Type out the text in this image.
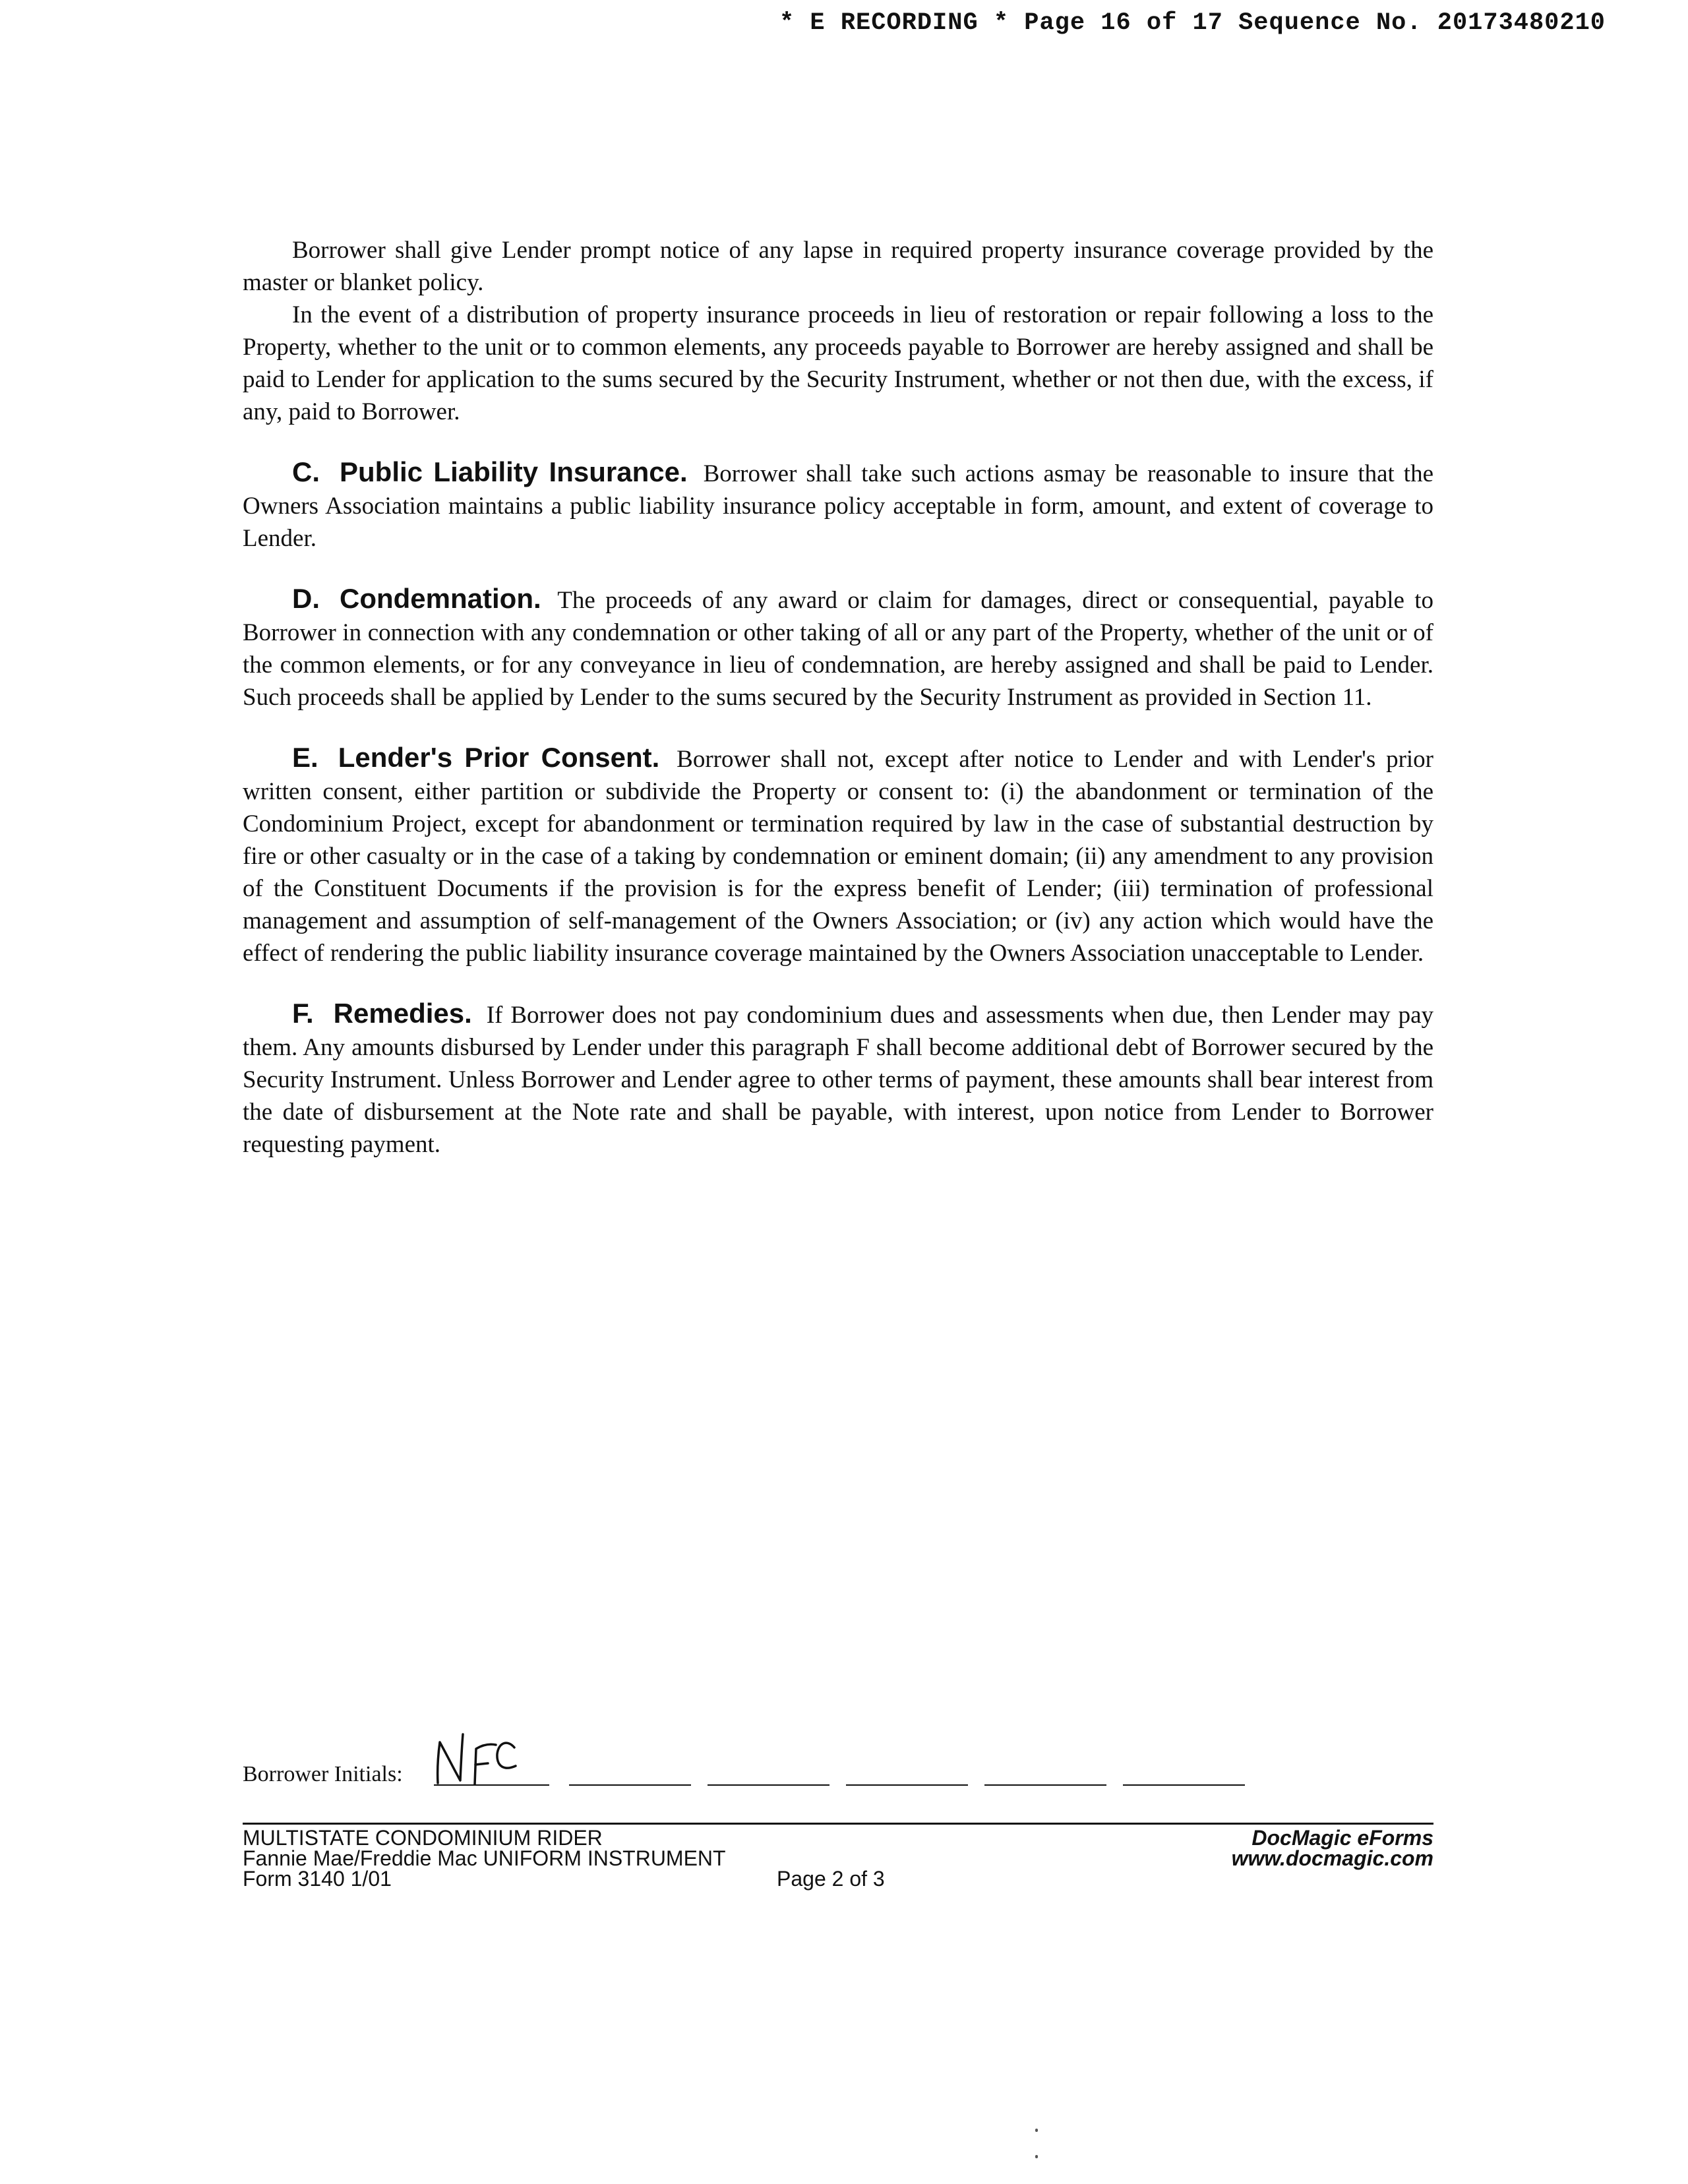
* E RECORDING * Page 16 of 17 Sequence No. 20173480210

Borrower shall give Lender prompt notice of any lapse in required property insurance coverage provided by the master or blanket policy.

In the event of a distribution of property insurance proceeds in lieu of restoration or repair following a loss to the Property, whether to the unit or to common elements, any proceeds payable to Borrower are hereby assigned and shall be paid to Lender for application to the sums secured by the Security Instrument, whether or not then due, with the excess, if any, paid to Borrower.

C. Public Liability Insurance. Borrower shall take such actions asmay be reasonable to insure that the Owners Association maintains a public liability insurance policy acceptable in form, amount, and extent of coverage to Lender.

D. Condemnation. The proceeds of any award or claim for damages, direct or consequential, payable to Borrower in connection with any condemnation or other taking of all or any part of the Property, whether of the unit or of the common elements, or for any conveyance in lieu of condemnation, are hereby assigned and shall be paid to Lender. Such proceeds shall be applied by Lender to the sums secured by the Security Instrument as provided in Section 11.

E. Lender's Prior Consent. Borrower shall not, except after notice to Lender and with Lender's prior written consent, either partition or subdivide the Property or consent to: (i) the abandonment or termination of the Condominium Project, except for abandonment or termination required by law in the case of substantial destruction by fire or other casualty or in the case of a taking by condemnation or eminent domain; (ii) any amendment to any provision of the Constituent Documents if the provision is for the express benefit of Lender; (iii) termination of professional management and assumption of self-management of the Owners Association; or (iv) any action which would have the effect of rendering the public liability insurance coverage maintained by the Owners Association unacceptable to Lender.

F. Remedies. If Borrower does not pay condominium dues and assessments when due, then Lender may pay them. Any amounts disbursed by Lender under this paragraph F shall become additional debt of Borrower secured by the Security Instrument. Unless Borrower and Lender agree to other terms of payment, these amounts shall bear interest from the date of disbursement at the Note rate and shall be payable, with interest, upon notice from Lender to Borrower requesting payment.

Borrower Initials:
MULTISTATE CONDOMINIUM RIDER
Fannie Mae/Freddie Mac UNIFORM INSTRUMENT
Form 3140 1/01	Page 2 of 3
DocMagic eForms
www.docmagic.com
